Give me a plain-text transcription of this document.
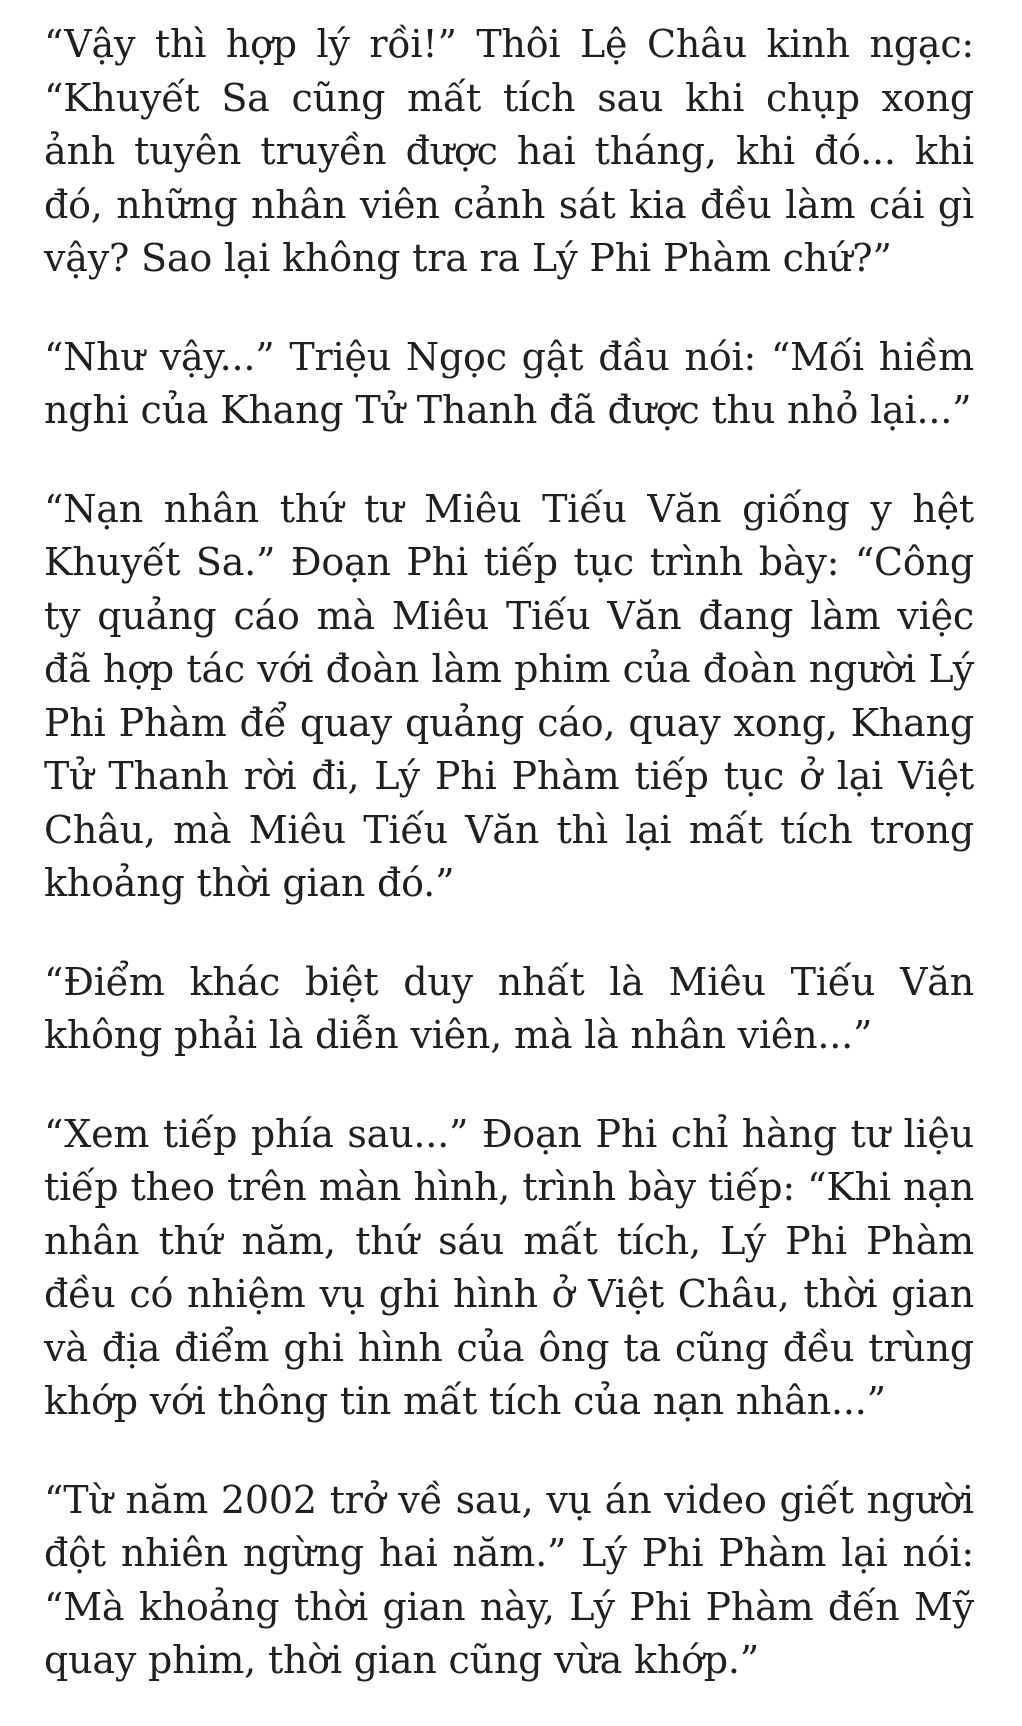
“Vậy thì hợp lý rồi!” Thôi Lệ Châu kinh ngạc: “Khuyết Sa cũng mất tích sau khi chụp xong ảnh tuyên truyền được hai tháng, khi đó... khi đó, những nhân viên cảnh sát kia đều làm cái gì vậy? Sao lại không tra ra Lý Phi Phàm chứ?”

“Như vậy...” Triệu Ngọc gật đầu nói: “Mối hiềm nghi của Khang Tử Thanh đã được thu nhỏ lại...”

“Nạn nhân thứ tư Miêu Tiếu Văn giống y hệt Khuyết Sa.” Đoạn Phi tiếp tục trình bày: “Công ty quảng cáo mà Miêu Tiếu Văn đang làm việc đã hợp tác với đoàn làm phim của đoàn người Lý Phi Phàm để quay quảng cáo, quay xong, Khang Tử Thanh rời đi, Lý Phi Phàm tiếp tục ở lại Việt Châu, mà Miêu Tiếu Văn thì lại mất tích trong khoảng thời gian đó.”

“Điểm khác biệt duy nhất là Miêu Tiếu Văn không phải là diễn viên, mà là nhân viên...”

“Xem tiếp phía sau...” Đoạn Phi chỉ hàng tư liệu tiếp theo trên màn hình, trình bày tiếp: “Khi nạn nhân thứ năm, thứ sáu mất tích, Lý Phi Phàm đều có nhiệm vụ ghi hình ở Việt Châu, thời gian và địa điểm ghi hình của ông ta cũng đều trùng khớp với thông tin mất tích của nạn nhân...”

“Từ năm 2002 trở về sau, vụ án video giết người đột nhiên ngừng hai năm.” Lý Phi Phàm lại nói: “Mà khoảng thời gian này, Lý Phi Phàm đến Mỹ quay phim, thời gian cũng vừa khớp.”
